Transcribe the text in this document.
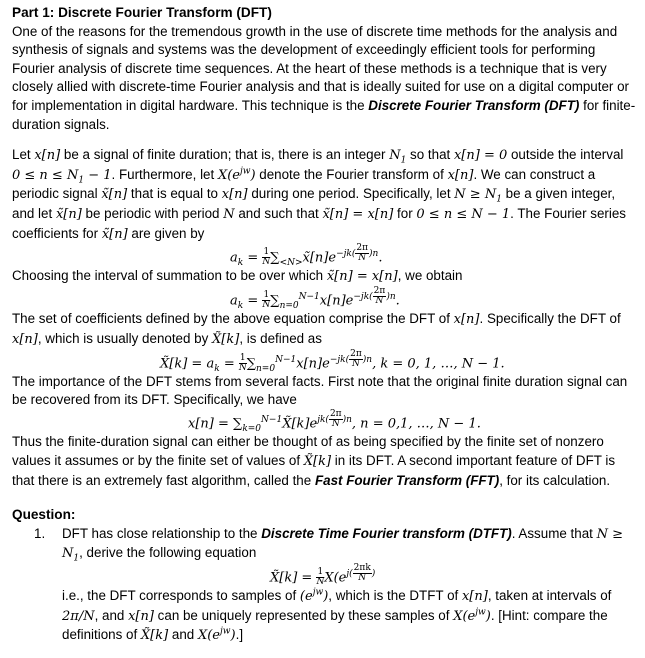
Part 1: Discrete Fourier Transform (DFT)

One of the reasons for the tremendous growth in the use of discrete time methods for the analysis and synthesis of signals and systems was the development of exceedingly efficient tools for performing Fourier analysis of discrete time sequences. At the heart of these methods is a technique that is very closely allied with discrete-time Fourier analysis and that is ideally suited for use on a digital computer or for implementation in digital hardware. This technique is the Discrete Fourier Transform (DFT) for finite-duration signals.

Let x[n] be a signal of finite duration; that is, there is an integer $N_1$ so that x[n] = 0 outside the interval
$0 \le n \le N_1 - 1$. Furthermore, let $X(e^{jw})$ denote the Fourier transform of x[n]. We can construct a periodic signal x̃[n] that is equal to x[n] during one period. Specifically, let $N \ge N_1$ be a given integer, and let x̃[n] be periodic with period N and such that x̃[n] = x[n] for 0 ≤ n ≤ N − 1. The Fourier series coefficients for x̃[n] are given by

$a_k = \frac{1}{N}$ $\sum_{<N>}x̃[n]e^{-jk( \frac{2\pi}{N} )n}$.

Choosing the interval of summation to be over which x̃[n] = x[n], we obtain

$a_k = \frac{1}{N} \sum_{n=0}^{N-1}x[n]e^{-jk( \frac{2\pi}{N} )n}$.

The set of coefficients defined by the above equation comprise the DFT of x[n]. Specifically the DFT of x[n], which is usually denoted by X̃[k], is defined as

X̃[k] = $a_k = \frac{1}{N} \sum_{n=0}^{N-1}x[n]e^{-jk( \frac{2\pi}{N} )n}$, k = 0, 1, …, N − 1.

The importance of the DFT stems from several facts. First note that the original finite duration signal can be recovered from its DFT. Specifically, we have

$x[n] = \sum_{k=0}^{N-1}X̃[k]e^{jk( \frac{2\pi}{N} )n}$, n = 0,1, …, N − 1.

Thus the finite-duration signal can either be thought of as being specified by the finite set of nonzero values it assumes or by the finite set of values of X̃[k] in its DFT. A second important feature of DFT is that there is an extremely fast algorithm, called the Fast Fourier Transform (FFT), for its calculation.

Question:

1.	DFT has close relationship to the Discrete Time Fourier transform (DTFT). Assume that $N \ge N_1$, derive the following equation

X̃[k] = $\frac{1}{N} X(e^{j( \frac{2\pi k}{N} )}$

i.e., the DFT corresponds to samples of $(e^{jw})$, which is the DTFT of x[n], taken at intervals of 2π/N, and x[n] can be uniquely represented by these samples of $X(e^{jw})$. [Hint: compare the definitions of X̃[k] and $X(e^{jw})$.]
